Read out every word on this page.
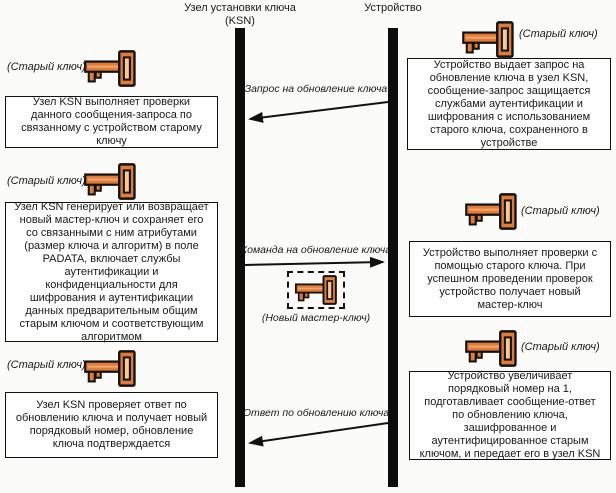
Узел установки ключа
(KSN)
Устройство
Запрос на обновление ключа
Команда на обновление ключа
Ответ по обновлению ключа
(Новый мастер-ключ)
(Старый ключ)
Узел KSN выполняет проверки данного сообщения-запроса по связанному с устройством старому ключу
(Старый ключ)
Узел KSN генерирует или возвращает новый мастер-ключ и сохраняет его со связанными с ним атрибутами (размер ключа и алгоритм) в поле PADATA, включает службы аутентификации и конфиденциальности для шифрования и аутентификации данных предварительным общим старым ключом и соответствующим алгоритмом
(Старый ключ)
Узел KSN проверяет ответ по обновлению ключа и получает новый порядковый номер, обновление ключа подтверждается
(Старый ключ)
Устройство выдает запрос на обновление ключа в узел KSN, сообщение-запрос защищается службами аутентификации и шифрования с использованием старого ключа, сохраненного в устройстве
(Старый ключ)
Устройство выполняет проверки с помощью старого ключа. При успешном проведении проверок устройство получает новый мастер-ключ
(Старый ключ)
Устройство увеличивает порядковый номер на 1, подготавливает сообщение-ответ по обновлению ключа, зашифрованное и аутентифицированное старым ключом, и передает его в узел KSN
